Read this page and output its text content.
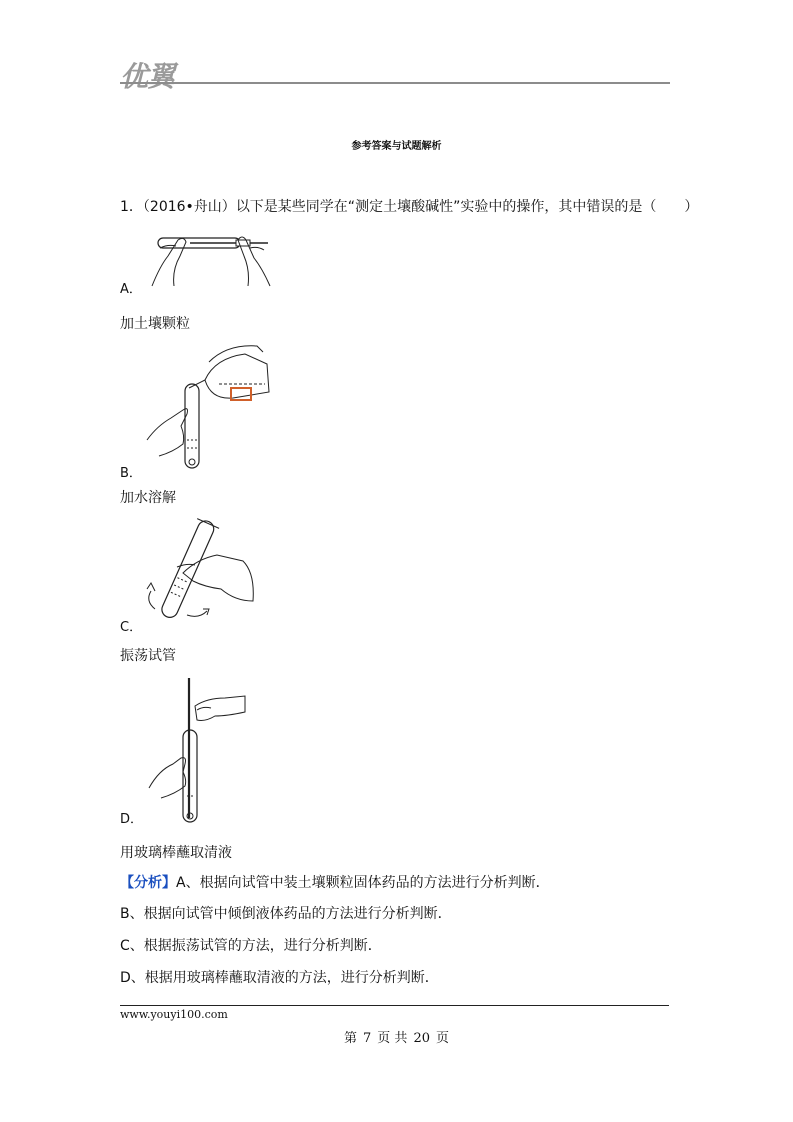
优翼
参考答案与试题解析
1．（2016•舟山）以下是某些同学在“测定土壤酸碱性”实验中的操作，其中错误的是（　　）
A．
加土壤颗粒
B．
加水溶解
C．
振荡试管
D．
用玻璃棒蘸取清液
【分析】A、根据向试管中装土壤颗粒固体药品的方法进行分析判断．
B、根据向试管中倾倒液体药品的方法进行分析判断．
C、根据振荡试管的方法，进行分析判断．
D、根据用玻璃棒蘸取清液的方法，进行分析判断．
www.youyi100.com
第 7 页 共 20 页
